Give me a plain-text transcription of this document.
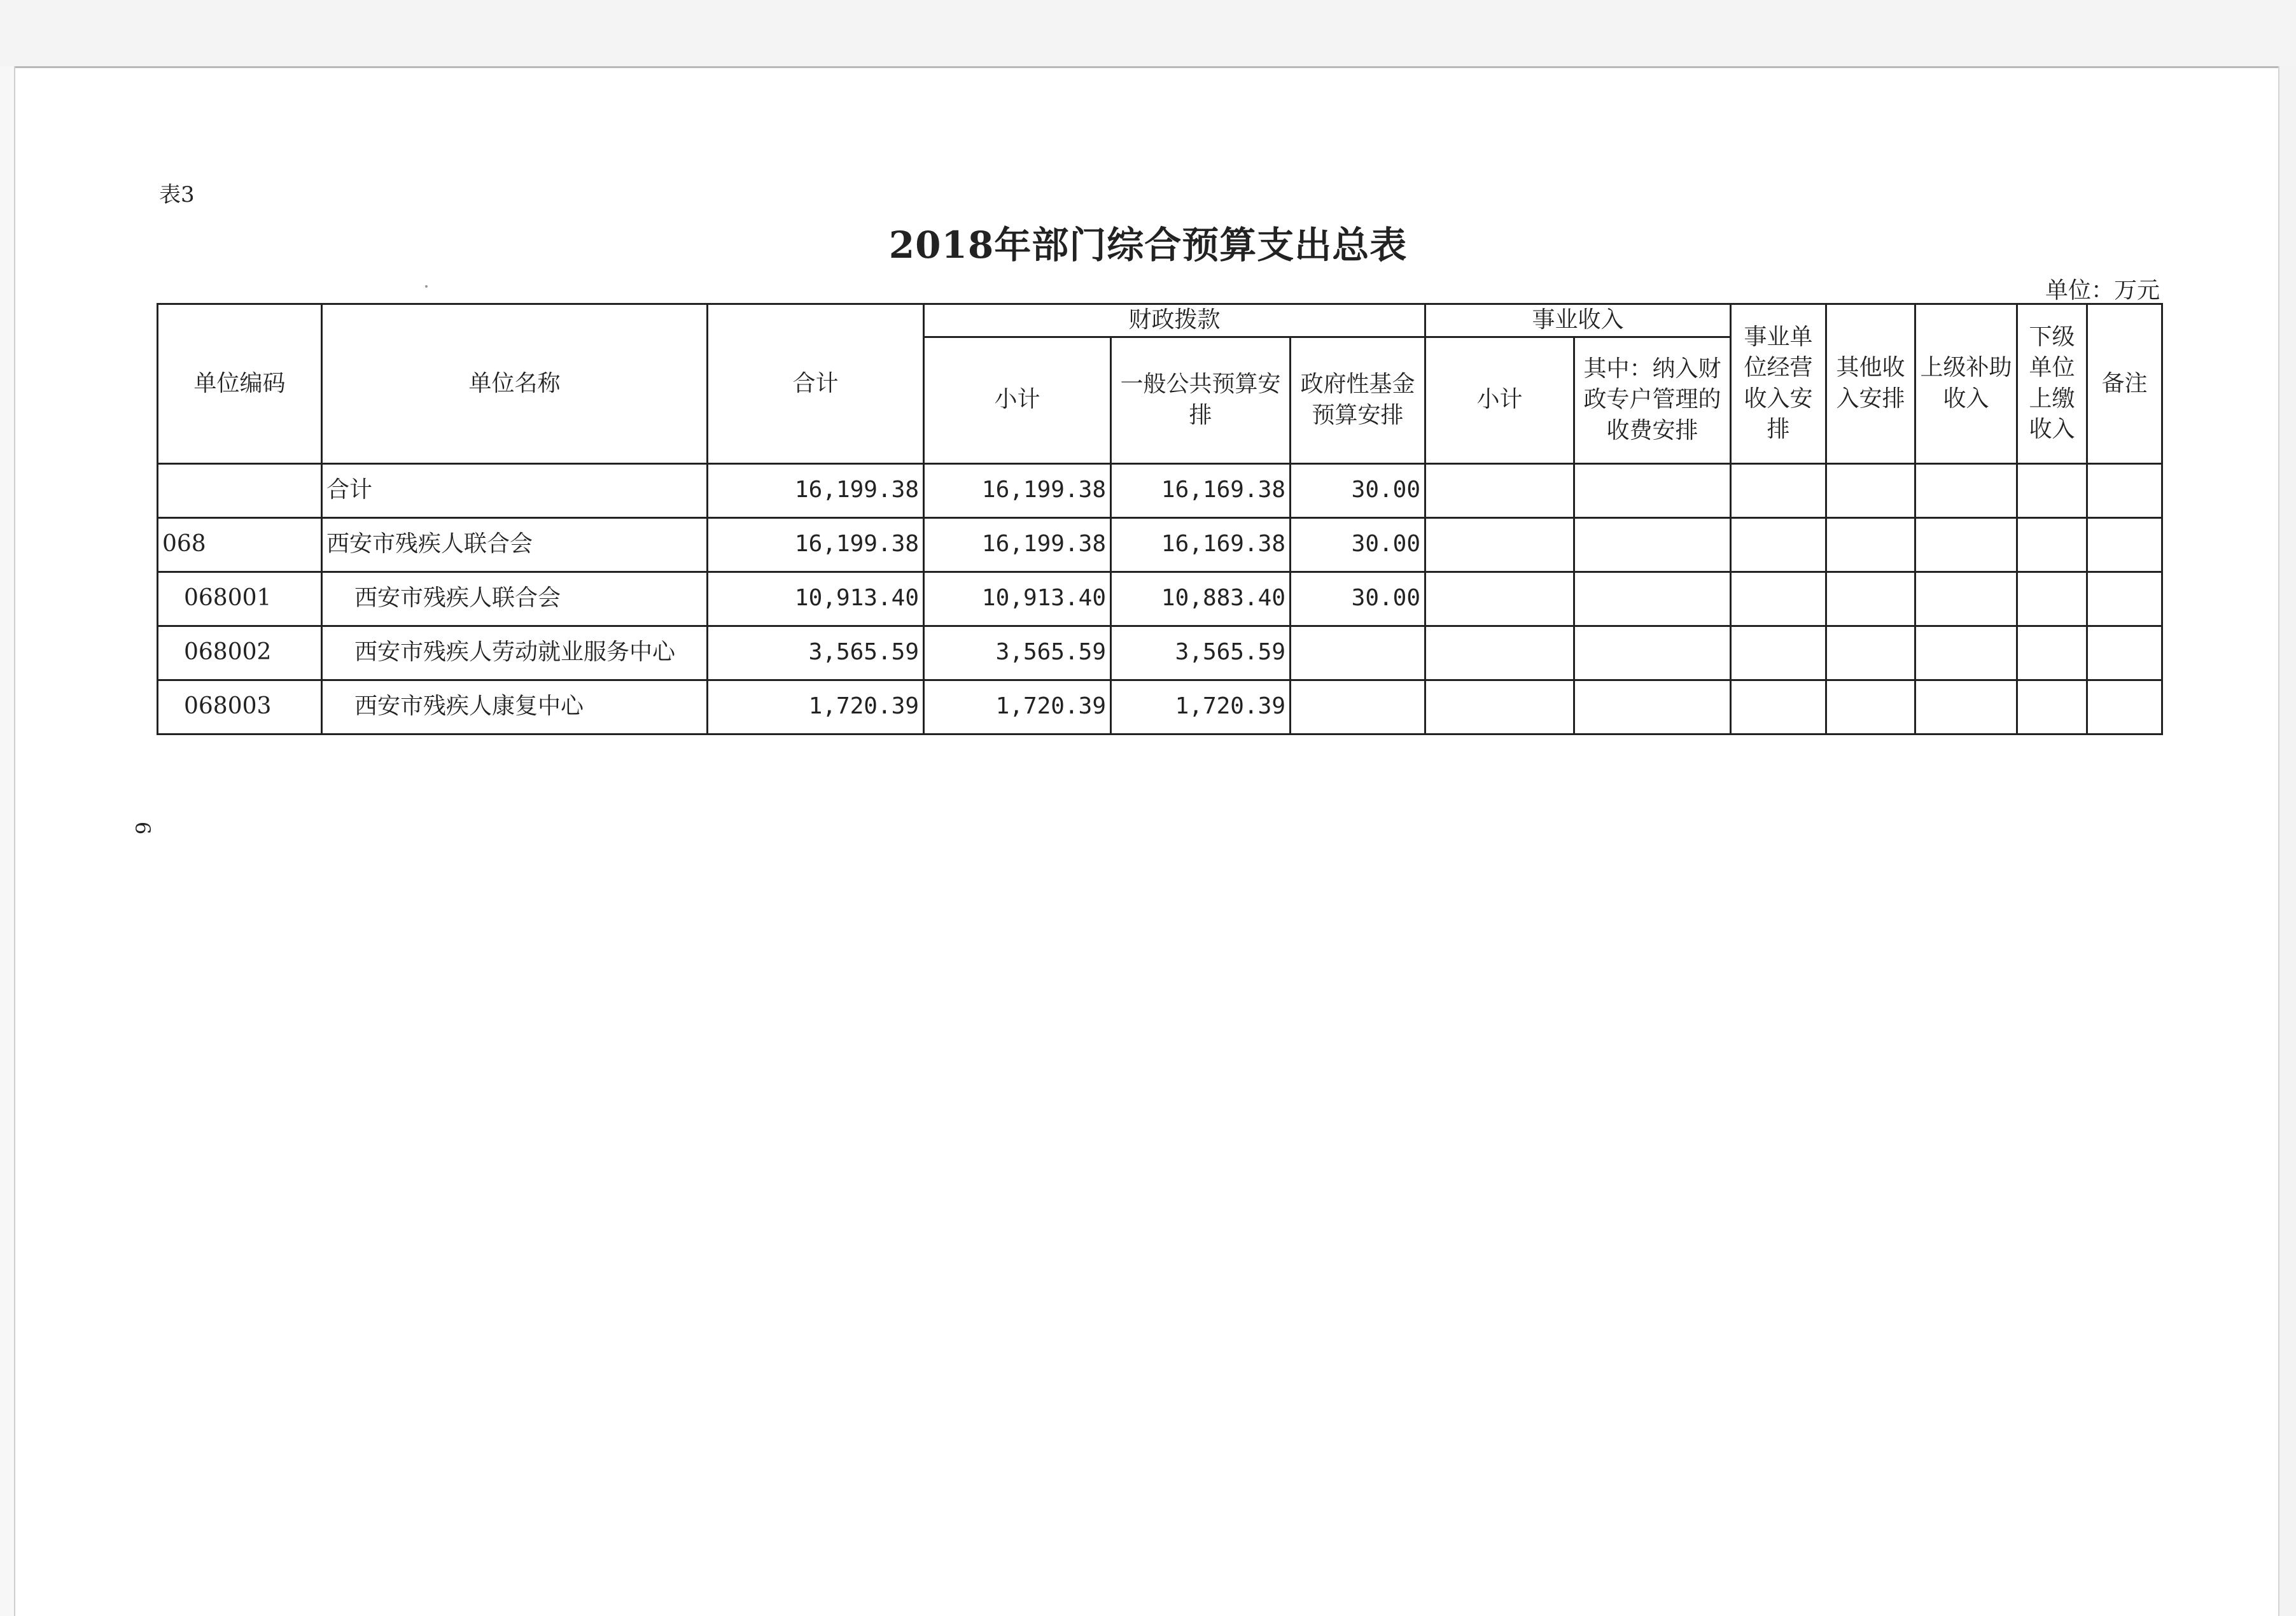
表3
2018年部门综合预算支出总表
单位：万元
6
单位编码	单位名称	合计	财政拨款			事业收入		事业单位经营收入安排	其他收入安排	上级补助收入	下级单位上缴收入	备注
			小计	一般公共预算安排	政府性基金预算安排	小计	其中：纳入财政专户管理的收费安排					
	合计	16,199.38	16,199.38	16,169.38	30.00							
068	西安市残疾人联合会	16,199.38	16,199.38	16,169.38	30.00							
068001	西安市残疾人联合会	10,913.40	10,913.40	10,883.40	30.00							
068002	西安市残疾人劳动就业服务中心	3,565.59	3,565.59	3,565.59								
068003	西安市残疾人康复中心	1,720.39	1,720.39	1,720.39								
